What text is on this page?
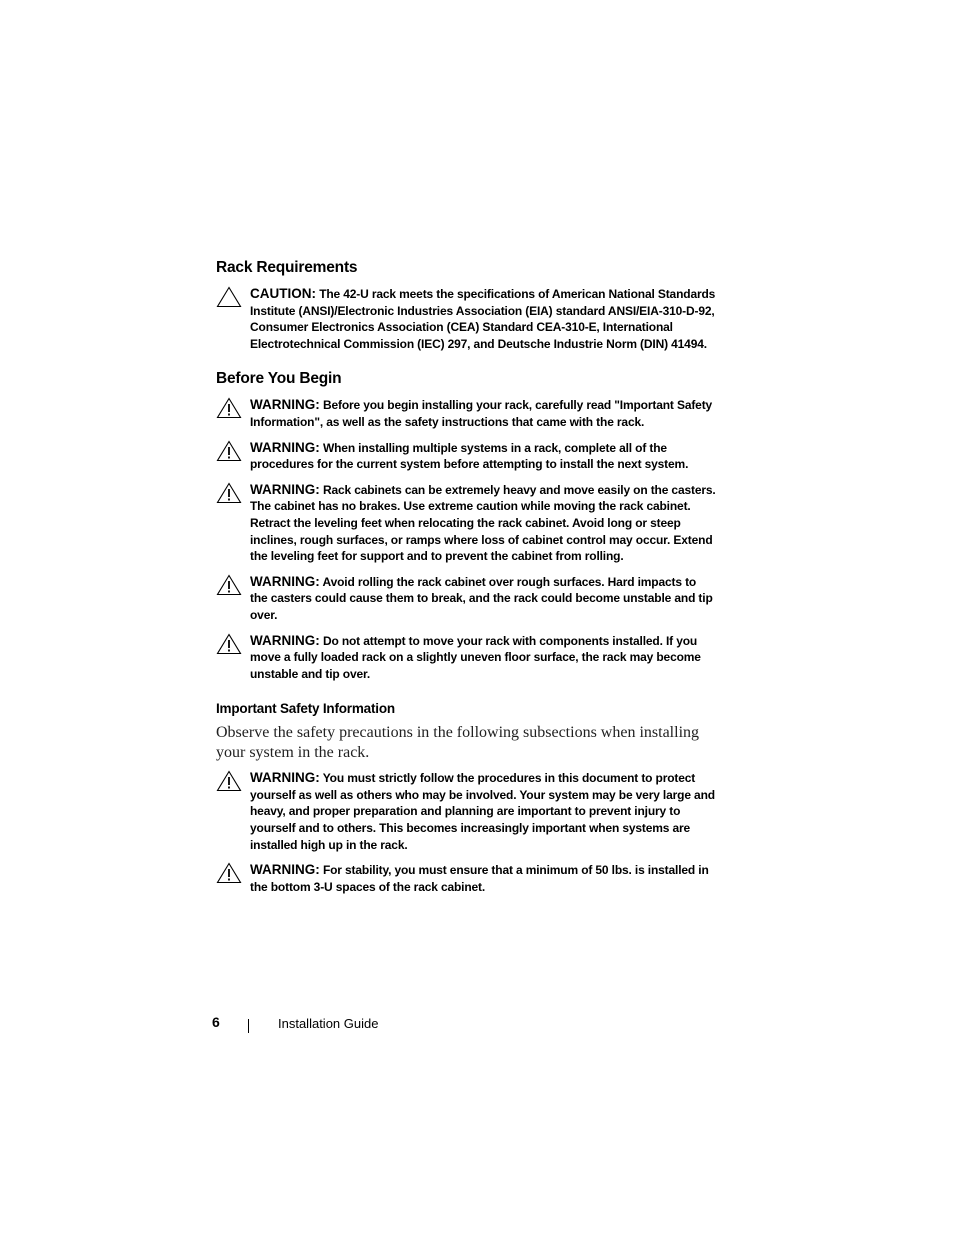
Rack Requirements
CAUTION: The 42-U rack meets the specifications of American National Standards Institute (ANSI)/Electronic Industries Association (EIA) standard ANSI/EIA-310-D-92, Consumer Electronics Association (CEA) Standard CEA-310-E, International Electrotechnical Commission (IEC) 297, and Deutsche Industrie Norm (DIN) 41494.
Before You Begin
WARNING: Before you begin installing your rack, carefully read "Important Safety Information", as well as the safety instructions that came with the rack.
WARNING: When installing multiple systems in a rack, complete all of the procedures for the current system before attempting to install the next system.
WARNING: Rack cabinets can be extremely heavy and move easily on the casters. The cabinet has no brakes. Use extreme caution while moving the rack cabinet. Retract the leveling feet when relocating the rack cabinet. Avoid long or steep inclines, rough surfaces, or ramps where loss of cabinet control may occur. Extend the leveling feet for support and to prevent the cabinet from rolling.
WARNING: Avoid rolling the rack cabinet over rough surfaces. Hard impacts to the casters could cause them to break, and the rack could become unstable and tip over.
WARNING: Do not attempt to move your rack with components installed. If you move a fully loaded rack on a slightly uneven floor surface, the rack may become unstable and tip over.
Important Safety Information

Observe the safety precautions in the following subsections when installing your system in the rack.

WARNING: You must strictly follow the procedures in this document to protect yourself as well as others who may be involved. Your system may be very large and heavy, and proper preparation and planning are important to prevent injury to yourself and to others. This becomes increasingly important when systems are installed high up in the rack.
WARNING: For stability, you must ensure that a minimum of 50 lbs. is installed in the bottom 3-U spaces of the rack cabinet.
6	Installation Guide
